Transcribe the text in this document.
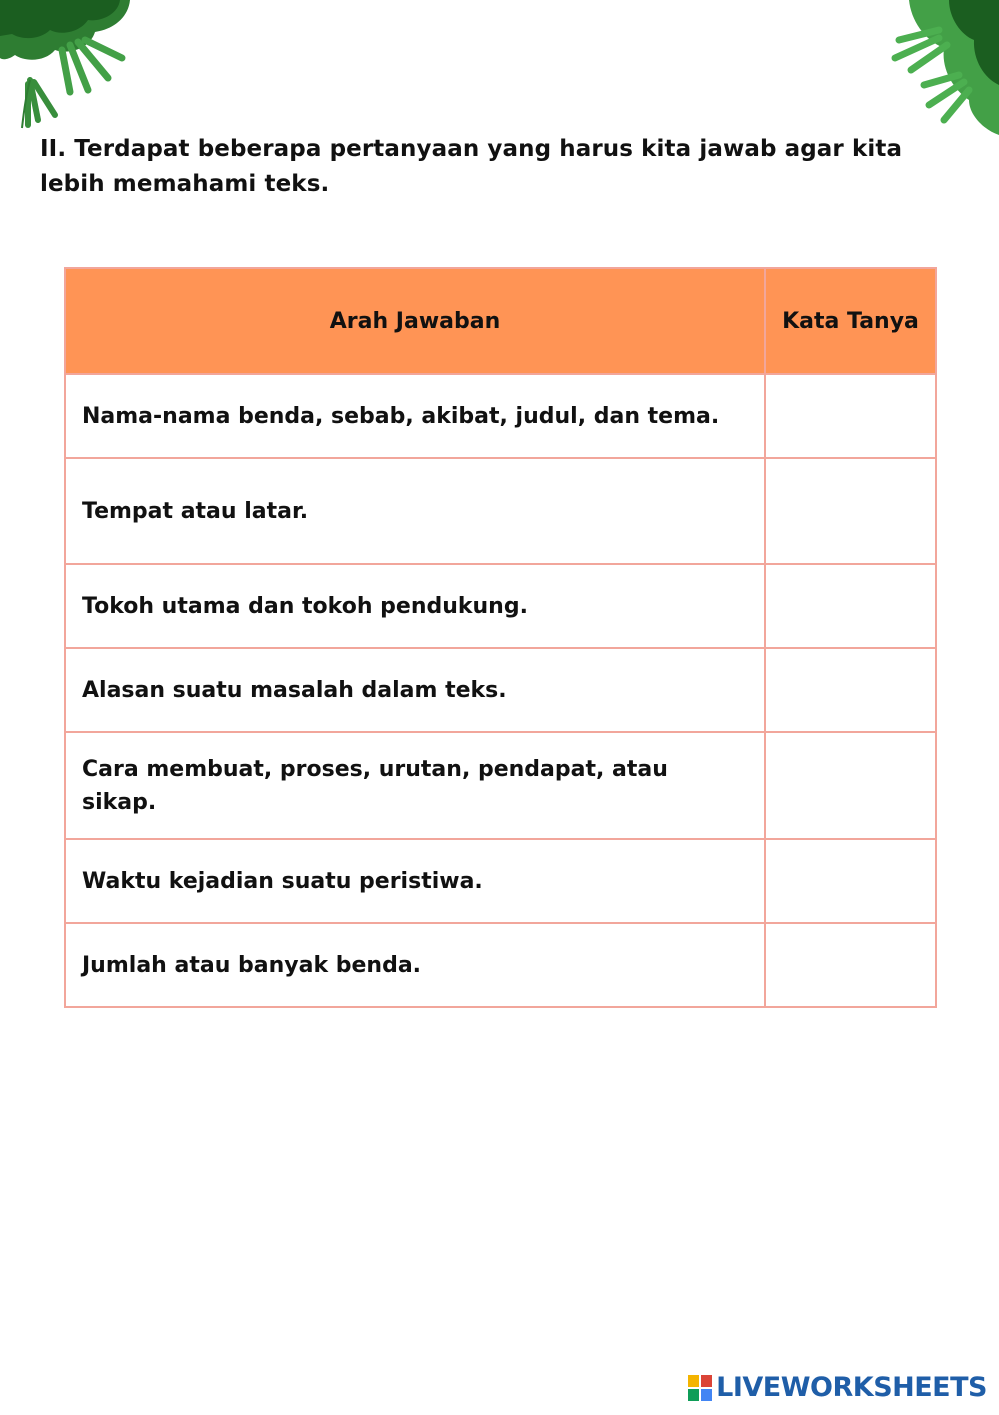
II. Terdapat beberapa pertanyaan yang harus kita jawab agar kita lebih memahami teks.

Arah Jawaban	Kata Tanya
Nama-nama benda, sebab, akibat, judul, dan tema.	
Tempat atau latar.	
Tokoh utama dan tokoh pendukung.	
Alasan suatu masalah dalam teks.	
Cara membuat, proses, urutan, pendapat, atau sikap.	
Waktu kejadian suatu peristiwa.	
Jumlah atau banyak benda.	
LIVEWORKSHEETS
